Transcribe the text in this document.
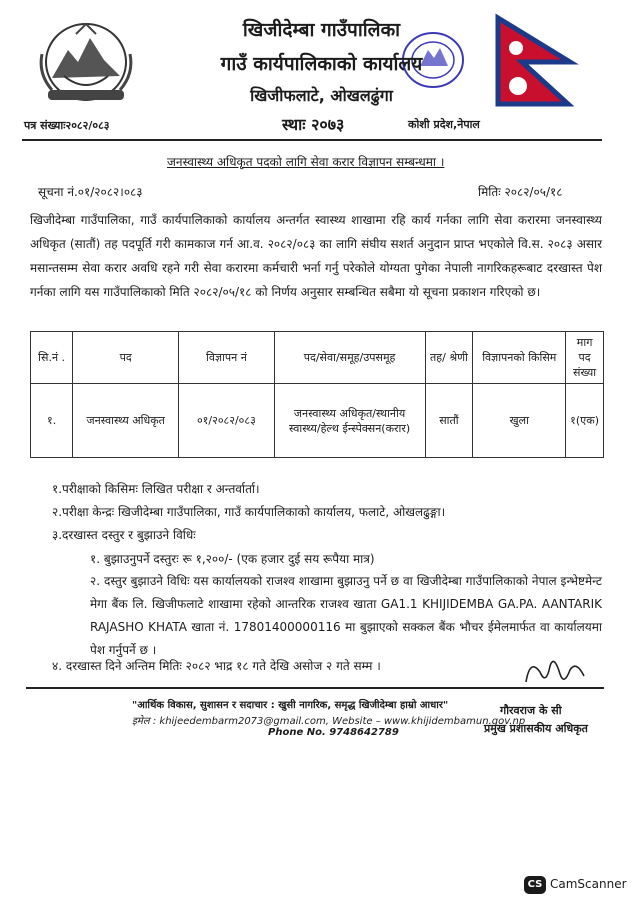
खिजीदेम्बा गाउँपालिका
गाउँ कार्यपालिकाको कार्यालय
खिजीफलाटे, ओखलढुंगा
पत्र संख्याः२०८२/०८३	स्थाः २०७३	कोशी प्रदेश,नेपाल
जनस्वास्थ्य अधिकृत पदको लागि सेवा करार विज्ञापन सम्बन्धमा ।
सूचना नं.०१/२०८२।०८३	मितिः २०८२/०५/१८
खिजीदेम्बा गाउँपालिका, गाउँ कार्यपालिकाको कार्यालय अन्तर्गत स्वास्थ्य शाखामा रहि कार्य गर्नका लागि सेवा करारमा जनस्वास्थ्य अधिकृत (सातौं) तह पदपूर्ति गरी कामकाज गर्न आ.व. २०८२/०८३ का लागि संघीय सशर्त अनुदान प्राप्त भएकोले वि.स. २०८३ असार मसान्तसम्म सेवा करार अवधि रहने गरी सेवा करारमा कर्मचारी भर्ना गर्नु परेकोले योग्यता पुगेका नेपाली नागरिकहरूबाट दरखास्त पेश गर्नका लागि यस गाउँपालिकाको मिति २०८२/०५/१८ को निर्णय अनुसार सम्बन्धित सबैमा यो सूचना प्रकाशन गरिएको छ।
सि.नं .	पद	विज्ञापन नं	पद/सेवा/समूह/उपसमूह	तह/ श्रेणी	विज्ञापनको किसिम	माग पद संख्या
१.	जनस्वास्थ्य अधिकृत	०१/२०८२/०८३	जनस्वास्थ्य अधिकृत/स्थानीय स्वास्थ्य/हेल्थ ईन्स्पेक्सन(करार)	सातौं	खुला	१(एक)
१.परीक्षाको किसिमः लिखित परीक्षा र अन्तर्वार्ता।
२.परीक्षा केन्द्रः खिजीदेम्बा गाउँपालिका, गाउँ कार्यपालिकाको कार्यालय, फलाटे, ओखलढुङ्गा।
३.दरखास्त दस्तुर र बुझाउने विधिः
१. बुझाउनुपर्ने दस्तुरः रू १,२००/- (एक हजार दुई सय रूपैया मात्र)
२. दस्तुर बुझाउने विधिः यस कार्यालयको राजश्व शाखामा बुझाउनु पर्ने छ वा खिजीदेम्बा गाउँपालिकाको नेपाल इन्भेष्टमेन्ट मेगा बैंक लि. खिजीफलाटे शाखामा रहेको आन्तरिक राजश्व खाता GA1.1 KHIJIDEMBA GA.PA. AANTARIK RAJASHO KHATA खाता नं. 17801400000116 मा बुझाएको सक्कल बैंक भौचर ईमेलमार्फत वा कार्यालयमा पेश गर्नुपर्ने छ ।
४. दरखास्त दिने अन्तिम मितिः २०८२ भाद्र १८ गते देखि असोज २ गते सम्म ।
"आर्थिक विकास, सुशासन र सदाचार : खुसी नागरिक, समृद्ध खिजीदेम्बा हाम्रो आधार"
इमेल : khijeedembarm2073@gmail.com, Website – www.khijidembamun.gov.np
Phone No. 9748642789
गौरवराज के सी
प्रमुख प्रशासकीय अधिकृत
CS CamScanner
